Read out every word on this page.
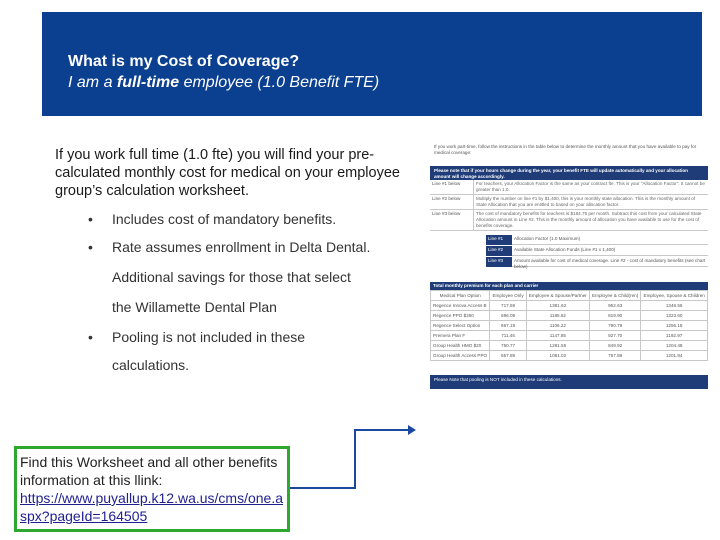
What is my Cost of Coverage?
I am a full-time employee (1.0 Benefit FTE)
If you work full time (1.0 fte) you will find your pre-calculated monthly cost for medical on your employee group’s calculation worksheet.
• Includes cost of mandatory benefits.
• Rate assumes enrollment in Delta Dental.
Additional savings for those that select
the Willamette Dental Plan
• Pooling is not included in these
calculations.
Find this Worksheet and all other benefits information at this llink:
https://www.puyallup.k12.wa.us/cms/one.aspx?pageId=164505
If you work part-time, follow the instructions in the table below to determine the monthly amount that you have available to pay for medical coverage:
Please note that if your hours change during the year, your benefit FTE will update automatically and your allocation amount will change accordingly.
Line #1 below	For teachers, your Allocation Factor is the same as your contract fte. This is your "Allocation Factor". It cannot be greater than 1.0.
Line #2 below	Multiply the number on line #1 by $1,400, this is your monthly state allocation. This is the monthly amount of State Allocation that you are entitled to based on your allocation factor.
Line #3 below	The cost of mandatory benefits for teachers is $184.75 per month. Subtract this cost from your calculated State Allocation amount in Line #2. This is the monthly amount of allocation you have available to use for the cost of benefits coverage.
Line #1	Allocation Factor (1.0 Maximum)
Line #2	Available State Allocation Funds (Line #1 x 1,400)
Line #3	Amount available for cost of medical coverage. Line #2 - cost of mandatory benefits (see chart below)
Total monthly premium for each plan and carrier
Medical Plan Option	Employee Only	Employee & Spouse/Partner	Employee & Child(ren)	Employee, Spouse & Children
Regence Innova Access B	717.69	1381.62	952.63	1346.56
Regence PPO $250	696.09	1185.62	819.90	1323.60
Regence Select Option	667.19	1106.22	790.79	1256.18
Premera Plan F	711.46	1147.85	927.70	1192.97
Group Health HMO $20	750.77	1281.55	849.92	1204.48
Group Health Access PPO	657.89	1081.02	757.89	1201.84
Please Note that pooling is NOT included in these calculations.
